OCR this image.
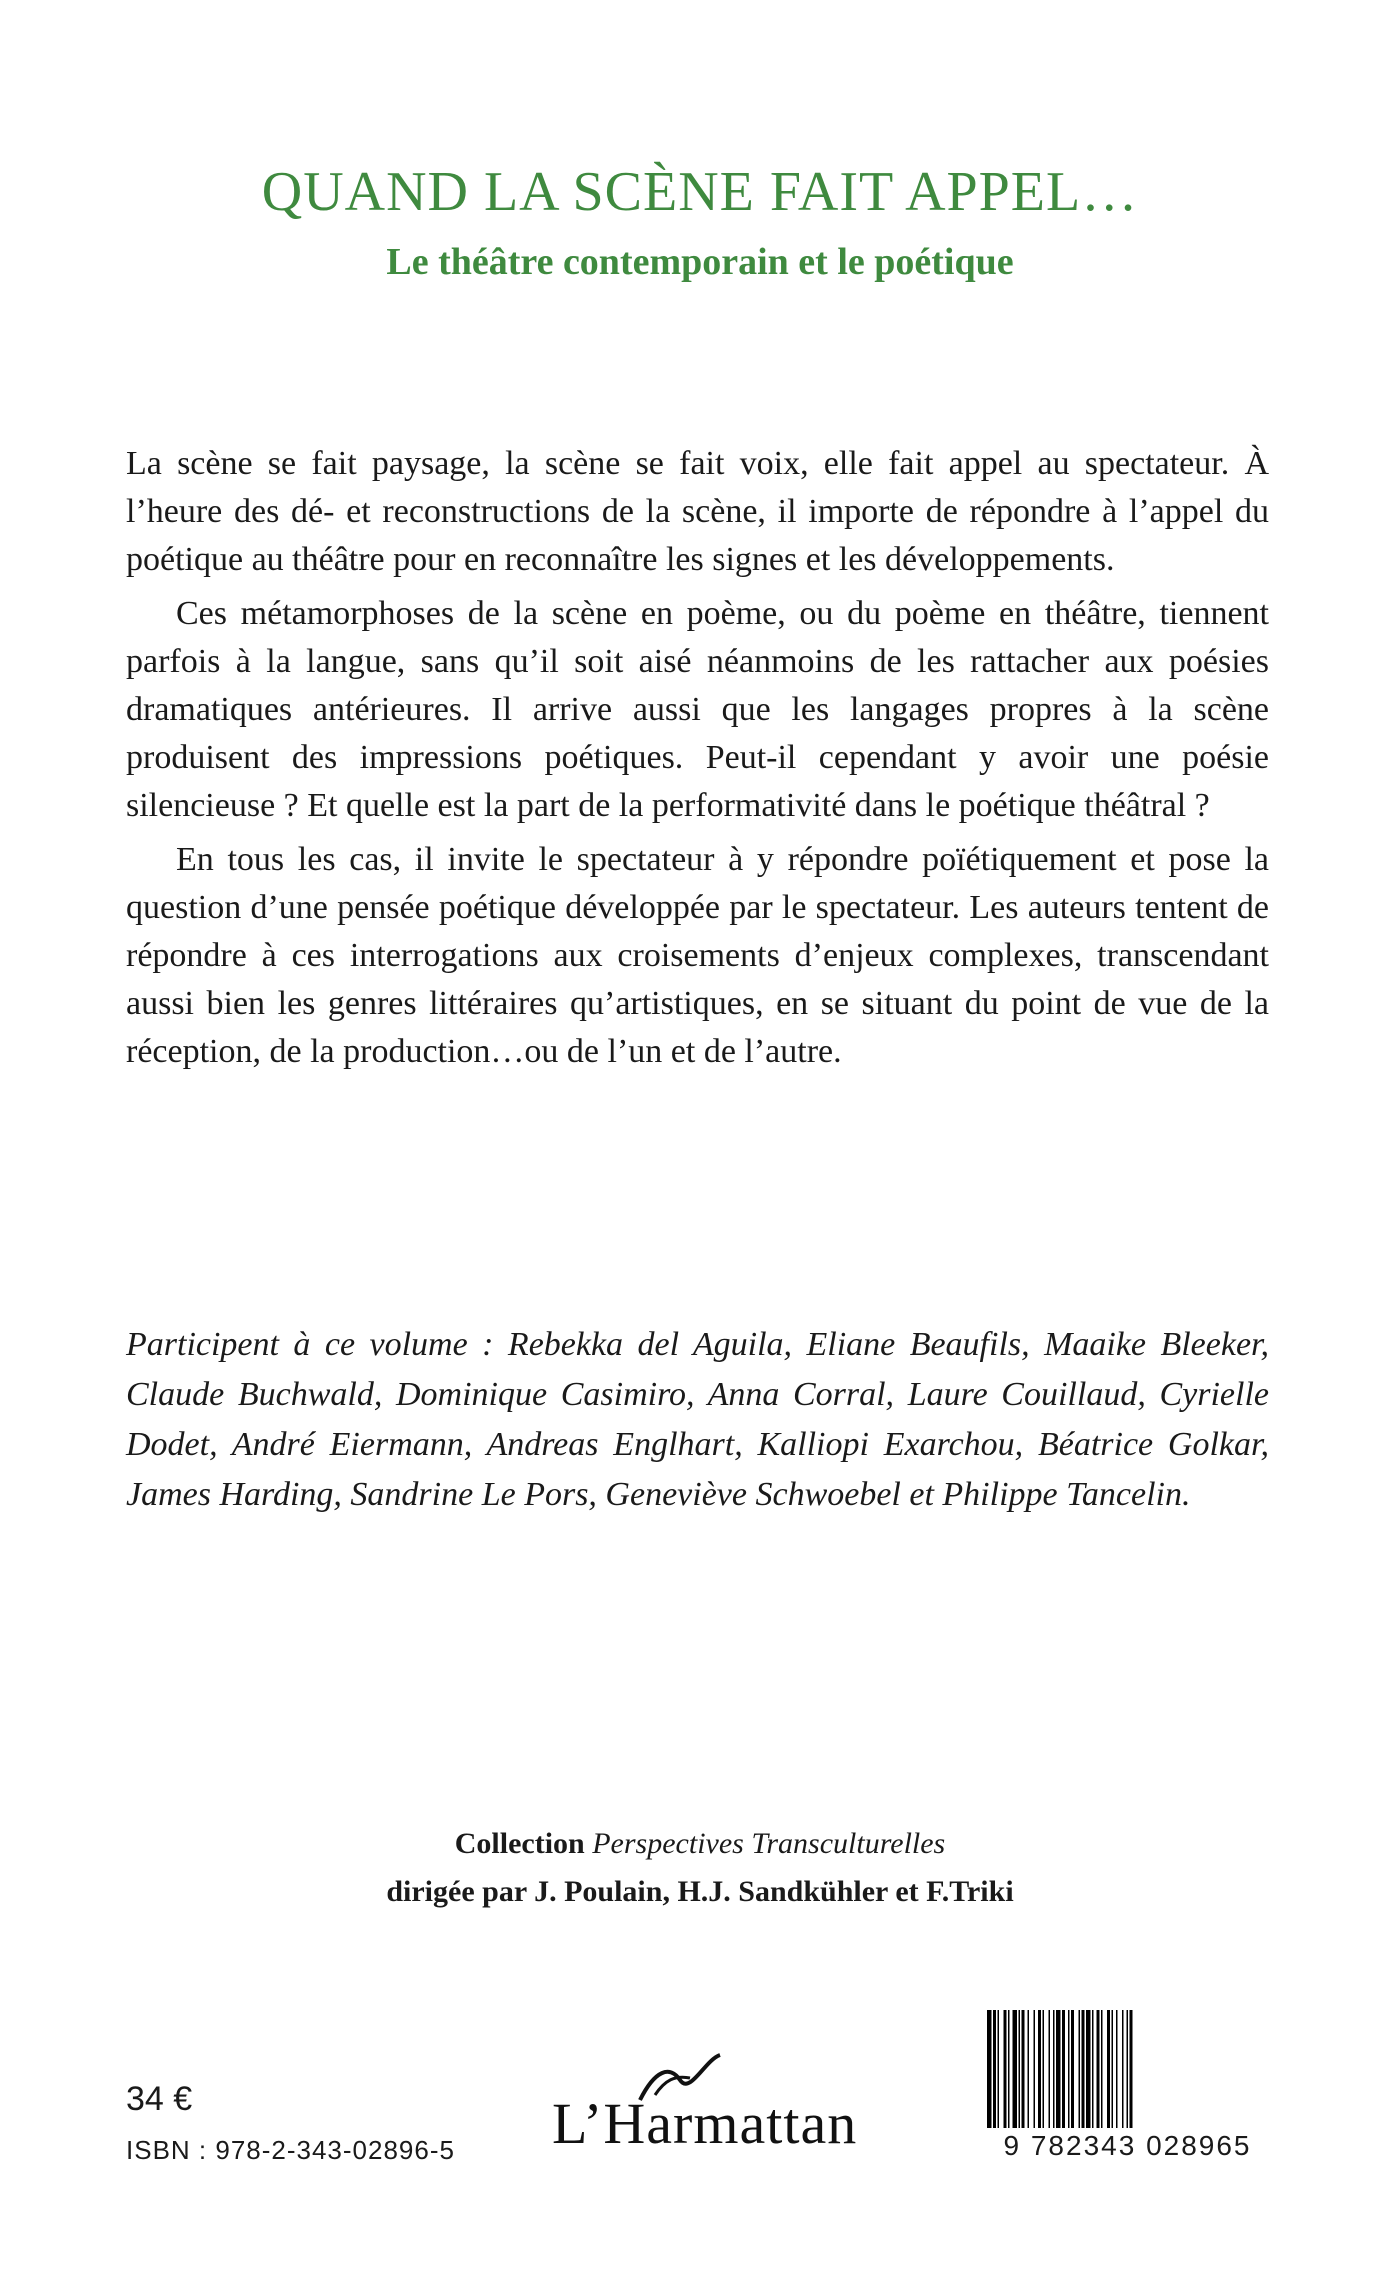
QUAND LA SCÈNE FAIT APPEL…
Le théâtre contemporain et le poétique

La scène se fait paysage, la scène se fait voix, elle fait appel au spectateur. À l’heure des dé- et reconstructions de la scène, il importe de répondre à l’appel du poétique au théâtre pour en reconnaître les signes et les développements.

Ces métamorphoses de la scène en poème, ou du poème en théâtre, tiennent parfois à la langue, sans qu’il soit aisé néanmoins de les rattacher aux poésies dramatiques antérieures. Il arrive aussi que les langages propres à la scène produisent des impressions poétiques. Peut-il cependant y avoir une poésie silencieuse ? Et quelle est la part de la performativité dans le poétique théâtral ?

En tous les cas, il invite le spectateur à y répondre poïétiquement et pose la question d’une pensée poétique développée par le spectateur. Les auteurs tentent de répondre à ces interrogations aux croisements d’enjeux complexes, transcendant aussi bien les genres littéraires qu’artistiques, en se situant du point de vue de la réception, de la production…ou de l’un et de l’autre.

Participent à ce volume : Rebekka del Aguila, Eliane Beaufils, Maaike Bleeker, Claude Buchwald, Dominique Casimiro, Anna Corral, Laure Couillaud, Cyrielle Dodet, André Eiermann, Andreas Englhart, Kalliopi Exarchou, Béatrice Golkar, James Harding, Sandrine Le Pors, Geneviève Schwoebel et Philippe Tancelin.
Collection Perspectives Transculturelles
dirigée par J. Poulain, H.J. Sandkühler et F.Triki
34 €
ISBN : 978-2-343-02896-5 L’Harmattan	9 782343 028965
